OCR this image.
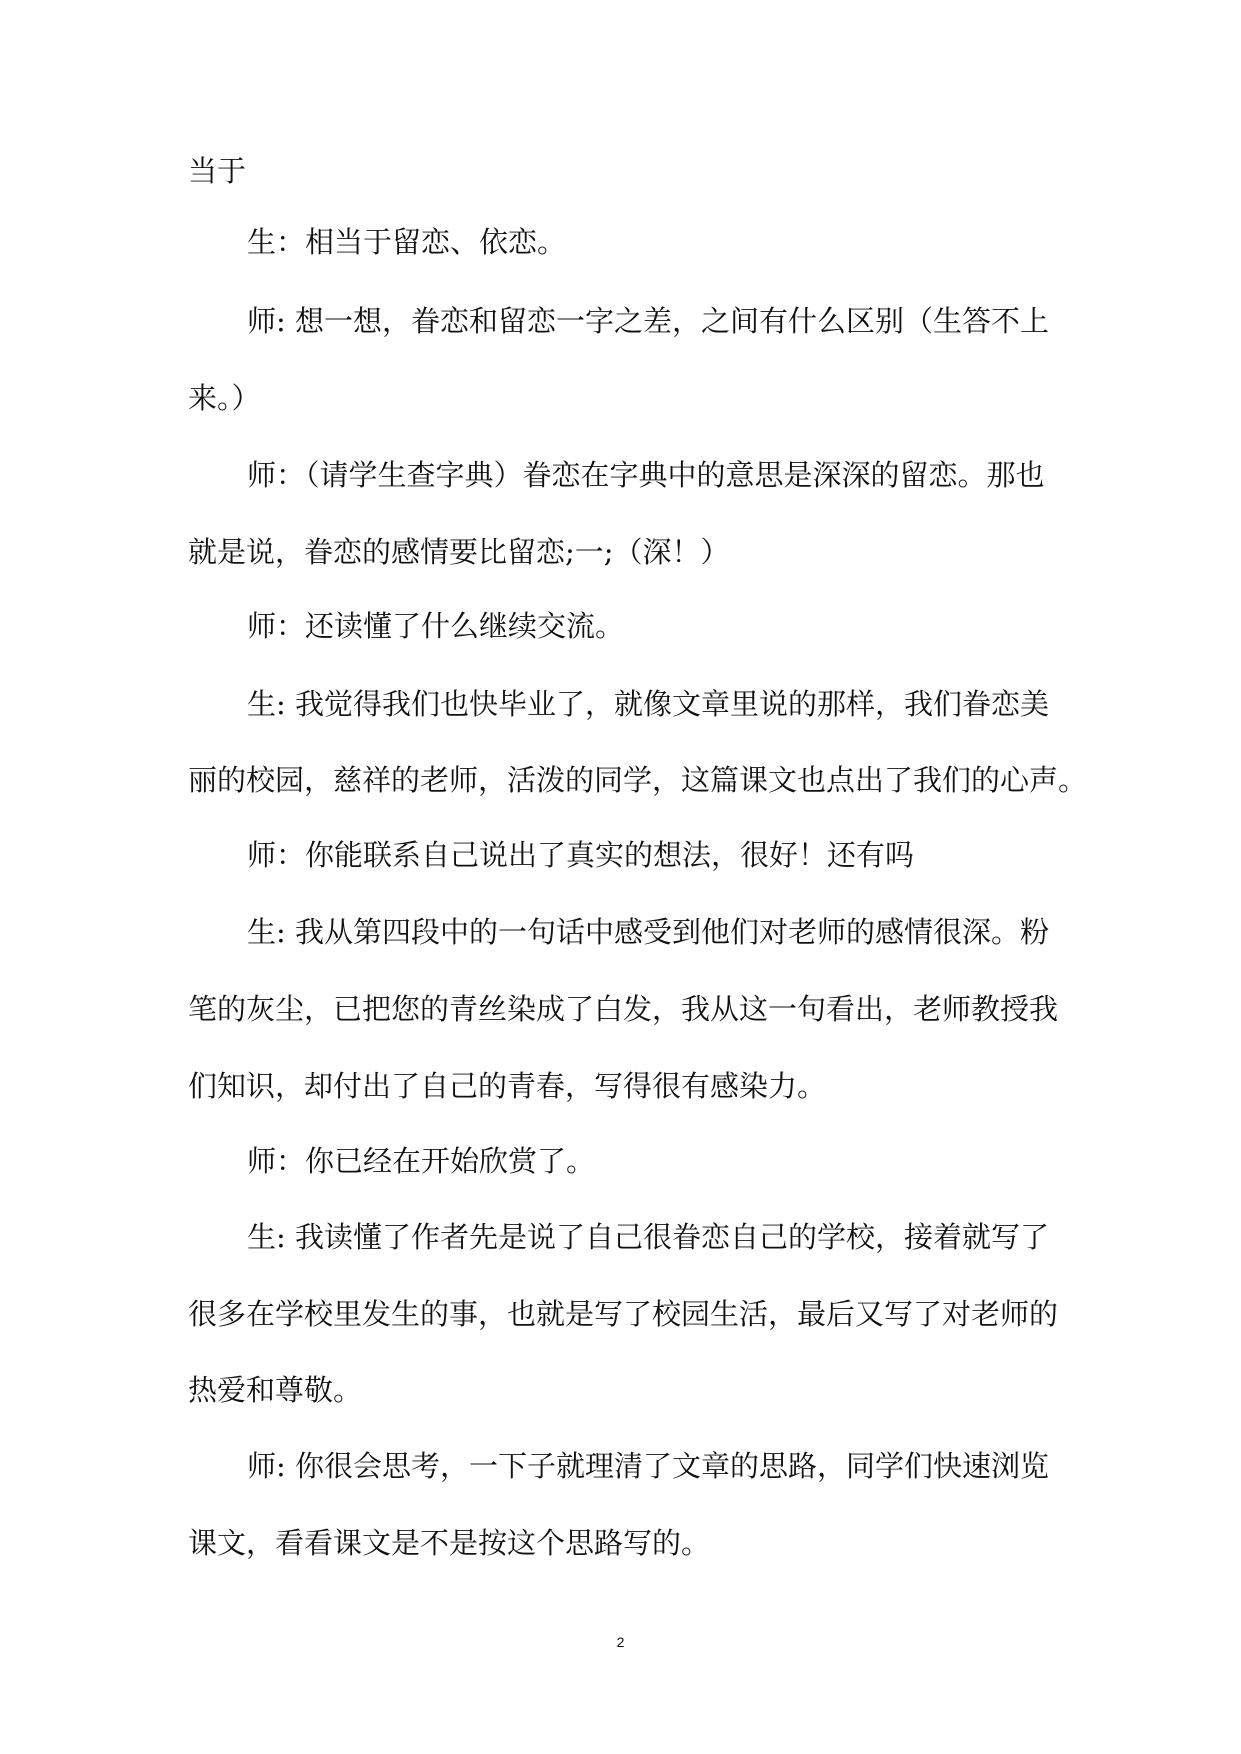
当于
生：相当于留恋、依恋。
师: 想一想，眷恋和留恋一字之差，之间有什么区别（生答不上
来。）
师：（请学生查字典）眷恋在字典中的意思是深深的留恋。那也
就是说，眷恋的感情要比留恋;一;（深！）
师：还读懂了什么继续交流。
生: 我觉得我们也快毕业了，就像文章里说的那样，我们眷恋美
丽的校园，慈祥的老师，活泼的同学，这篇课文也点出了我们的心声。
师：你能联系自己说出了真实的想法，很好！还有吗
生: 我从第四段中的一句话中感受到他们对老师的感情很深。粉
笔的灰尘，已把您的青丝染成了白发，我从这一句看出，老师教授我
们知识，却付出了自己的青春，写得很有感染力。
师：你已经在开始欣赏了。
生: 我读懂了作者先是说了自己很眷恋自己的学校，接着就写了
很多在学校里发生的事，也就是写了校园生活，最后又写了对老师的
热爱和尊敬。
师: 你很会思考，一下子就理清了文章的思路，同学们快速浏览
课文，看看课文是不是按这个思路写的。
2
